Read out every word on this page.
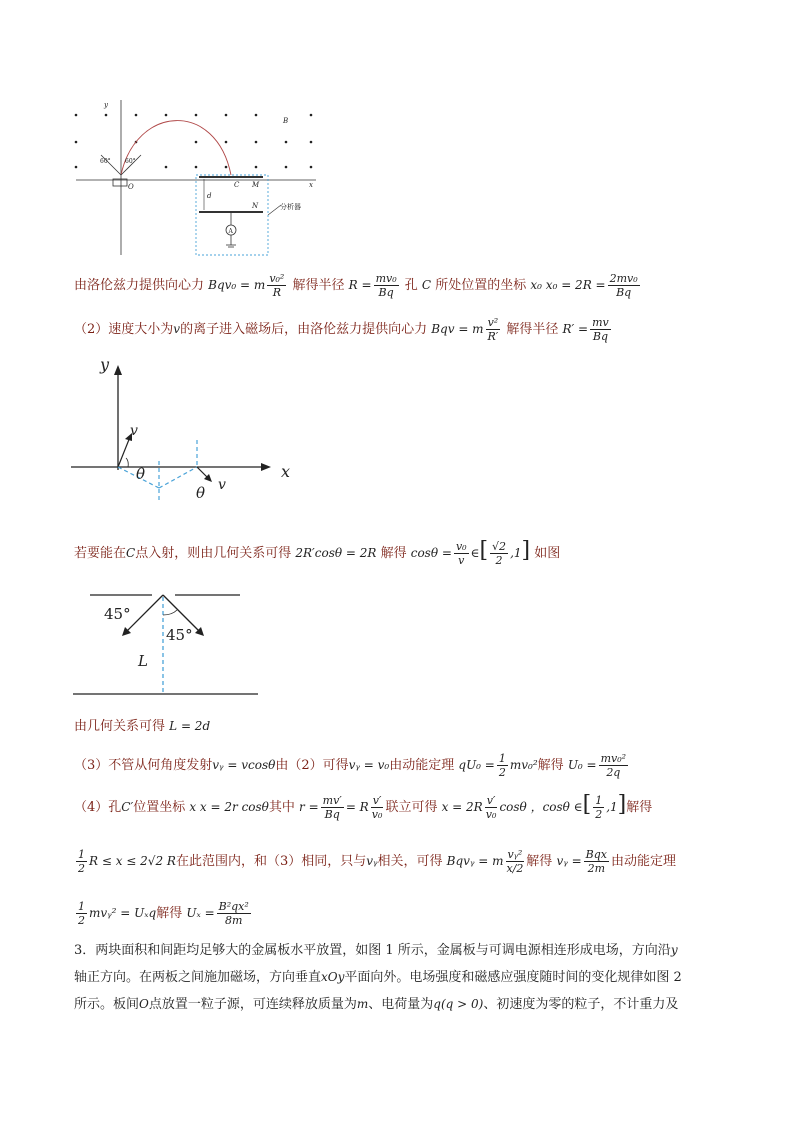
y
x
B
60° 60°
O	C M
N
d
A
分析器
由洛伦兹力提供向心力 Bqv₀ = m $\frac{\text{v₀²}}{R}$ 解得半径 $R = \frac{\text{mv₀}}{Bq}$ 孔 C 所处位置的坐标 x₀ $x_0 = 2R = \frac{\text{2mv₀}}{Bq}$
（2）速度大小为v的离子进入磁场后，由洛伦兹力提供向心力 Bqv = m $\frac{\text{v²}}{R'}$ 解得半径 $R' = \frac{mv}{Bq}$
y
x
v
θ
θ v
若要能在C点入射，则由几何关系可得 2R′cosθ = 2R 解得 $\cos\theta = \frac{\text{v₀}}{v}$ ∈[ $\frac{√2}{2} ,1$] 如图
45°
45°
L
由几何关系可得 L = 2d
（3）不管从何角度发射vᵧ = vcosθ由（2）可得vᵧ = v₀由动能定理 $qU_0 = \frac{1}{2} mv_0^2$解得 $U_0 = \frac{\text{mv₀²}}{2q}$
（4）孔C′位置坐标 x x = 2r cosθ其中 $r = \frac{mv'}{Bq} = R \frac{v'}{\text{v₀}}$ 联立可得 $x = 2R \frac{v'}{\text{v₀}}$ cosθ ，cosθ ∈[ $\frac{1}{2} ,1$]解得
$\frac{1}{2}$ R ≤ x ≤ 2√2 R在此范围内，和（3）相同，只与vᵧ相关，可得 Bqvᵧ = m $\frac{\text{vᵧ²}}{x/2}$ 解得 vᵧ = $\frac{\text{Bqx}}{2m}$ 由动能定理
$\frac{1}{2}$ mvᵧ² = Uₓq解得 $U_x = \frac{\text{B²qx²}}{8m}$
3．两块面积和间距均足够大的金属板水平放置，如图 1 所示，金属板与可调电源相连形成电场，方向沿y
轴正方向。在两板之间施加磁场，方向垂直xOy平面向外。电场强度和磁感应强度随时间的变化规律如图 2
所示。板间O点放置一粒子源，可连续释放质量为m、电荷量为q(q > 0)、初速度为零的粒子，不计重力及
